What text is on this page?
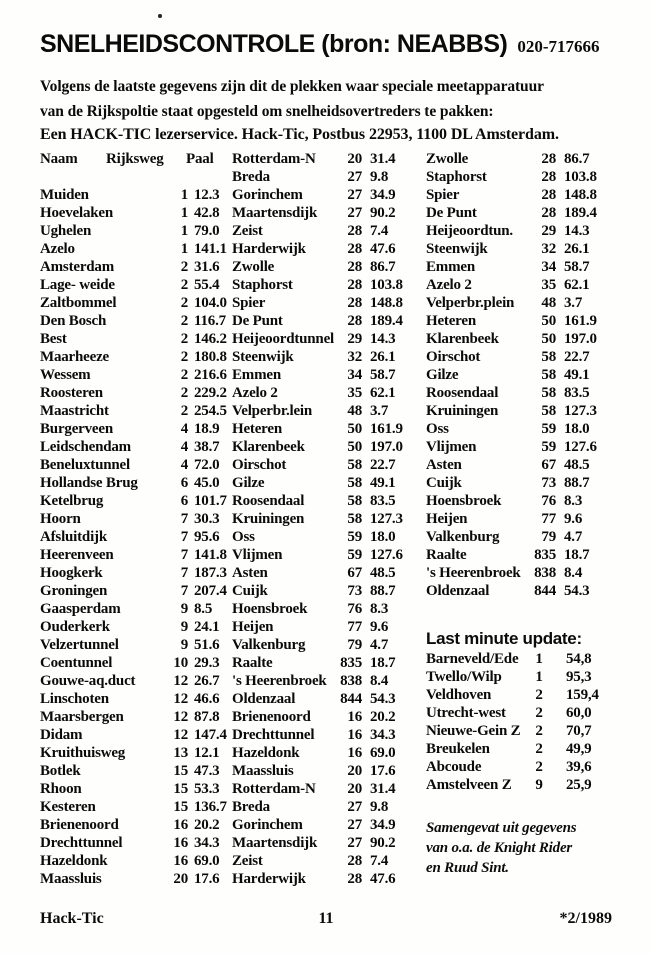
SNELHEIDSCONTROLE (bron: NEABBS) 020-717666
Volgens de laatste gegevens zijn dit de plekken waar speciale meetapparatuur
van de Rijkspoltie staat opgesteld om snelheidsovertreders te pakken:
Een HACK-TIC lezerservice. Hack-Tic, Postbus 22953, 1100 DL Amsterdam.
Naam Rijksweg Paal
Muiden	1 12.3
Hoevelaken	1 42.8
Ughelen	1 79.0
Azelo	1 141.1
Amsterdam	2 31.6
Lage- weide	2 55.4
Zaltbommel	2 104.0
Den Bosch	2 116.7
Best	2 146.2
Maarheeze	2 180.8
Wessem	2 216.6
Roosteren	2 229.2
Maastricht	2 254.5
Burgerveen	4 18.9
Leidschendam	4 38.7
Beneluxtunnel	4 72.0
Hollandse Brug	6 45.0
Ketelbrug	6 101.7
Hoorn	7 30.3
Afsluitdijk	7 95.6
Heerenveen	7 141.8
Hoogkerk	7 187.3
Groningen	7 207.4
Gaasperdam	9 8.5
Ouderkerk	9 24.1
Velzertunnel	9 51.6
Coentunnel	10 29.3
Gouwe-aq.duct	12 26.7
Linschoten	12 46.6
Maarsbergen	12 87.8
Didam	12 147.4
Kruithuisweg	13 12.1
Botlek	15 47.3
Rhoon	15 53.3
Kesteren	15 136.7
Brienenoord	16 20.2
Drechttunnel	16 34.3
Hazeldonk	16 69.0
Maassluis	20 17.6
Rotterdam-N	20 31.4
Breda	27 9.8
Gorinchem	27 34.9
Maartensdijk	27 90.2
Zeist	28 7.4
Harderwijk	28 47.6
Zwolle	28 86.7
Staphorst	28 103.8
Spier	28 148.8
De Punt	28 189.4
Heijeoordtunnel 29 14.3
Steenwijk	32 26.1
Emmen	34 58.7
Azelo 2	35 62.1
Velperbr.lein	48 3.7
Heteren	50 161.9
Klarenbeek	50 197.0
Oirschot	58 22.7
Gilze	58 49.1
Roosendaal	58 83.5
Kruiningen	58 127.3
Oss	59 18.0
Vlijmen	59 127.6
Asten	67 48.5
Cuijk	73 88.7
Hoensbroek	76 8.3
Heijen	77 9.6
Valkenburg	79 4.7
Raalte	835 18.7
's Heerenbroek 838 8.4
Oldenzaal	844 54.3
Brienenoord	16 20.2
Drechttunnel	16 34.3
Hazeldonk	16 69.0
Maassluis	20 17.6
Rotterdam-N	20 31.4
Breda	27 9.8
Gorinchem	27 34.9
Maartensdijk	27 90.2
Zeist	28 7.4
Harderwijk	28 47.6
Zwolle	28 86.7
Staphorst	28 103.8
Spier	28 148.8
De Punt	28 189.4
Heijeoordtun.	29 14.3
Steenwijk	32 26.1
Emmen	34 58.7
Azelo 2	35 62.1
Velperbr.plein	48 3.7
Heteren	50 161.9
Klarenbeek	50 197.0
Oirschot	58 22.7
Gilze	58 49.1
Roosendaal	58 83.5
Kruiningen	58 127.3
Oss	59 18.0
Vlijmen	59 127.6
Asten	67 48.5
Cuijk	73 88.7
Hoensbroek	76 8.3
Heijen	77 9.6
Valkenburg	79 4.7
Raalte	835 18.7
's Heerenbroek 838 8.4
Oldenzaal	844 54.3
Last minute update:
Barneveld/Ede	1	54,8
Twello/Wilp	1	95,3
Veldhoven	2	159,4
Utrecht-west	2	60,0
Nieuwe-Gein Z 2	70,7
Breukelen	2	49,9
Abcoude	2	39,6
Amstelveen Z	9	25,9
Samengevat uit gegevens
van o.a. de Knight Rider
en Ruud Sint.
Hack-Tic	11	*2/1989
